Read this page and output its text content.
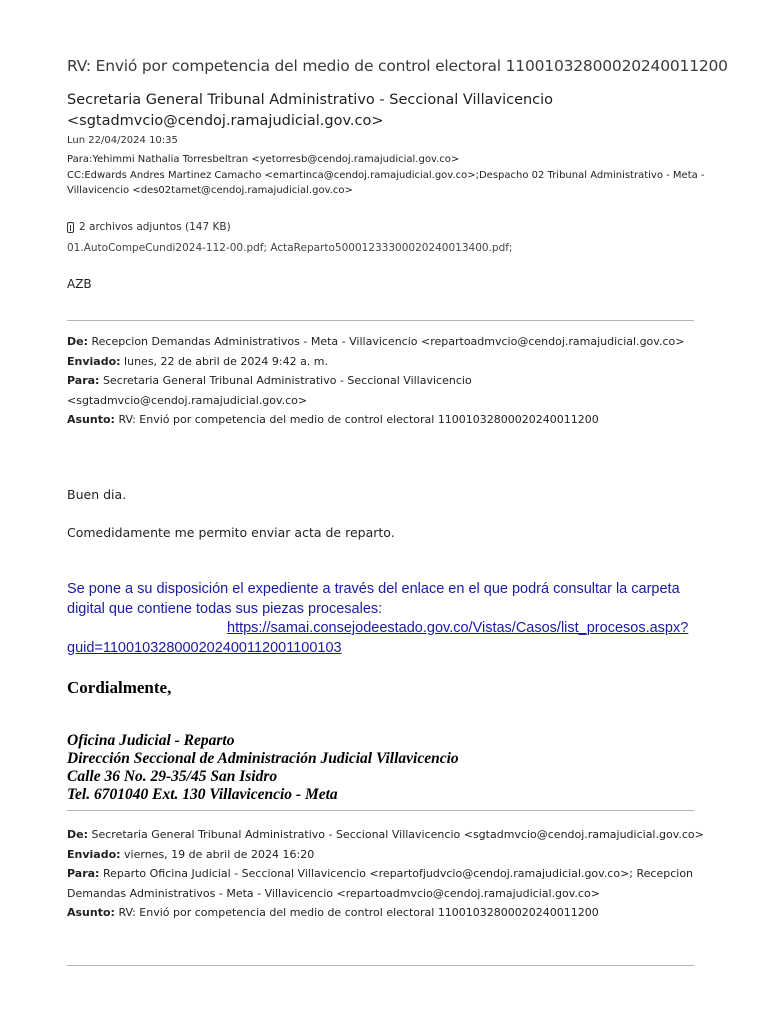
RV: Envió por competencia del medio de control electoral 11001032800020240011200
Secretaria General Tribunal Administrativo - Seccional Villavicencio
<sgtadmvcio@cendoj.ramajudicial.gov.co>
Lun 22/04/2024 10:35
Para:Yehimmi Nathalia Torresbeltran <yetorresb@cendoj.ramajudicial.gov.co>
CC:Edwards Andres Martinez Camacho <emartinca@cendoj.ramajudicial.gov.co>;Despacho 02 Tribunal Administrativo - Meta -
Villavicencio <des02tamet@cendoj.ramajudicial.gov.co>
2 archivos adjuntos (147 KB)
01.AutoCompeCundi2024-112-00.pdf; ActaReparto50001233300020240013400.pdf;
AZB
De: Recepcion Demandas Administrativos - Meta - Villavicencio <repartoadmvcio@cendoj.ramajudicial.gov.co>
Enviado: lunes, 22 de abril de 2024 9:42 a. m.
Para: Secretaria General Tribunal Administrativo - Seccional Villavicencio
<sgtadmvcio@cendoj.ramajudicial.gov.co>
Asunto: RV: Envió por competencia del medio de control electoral 11001032800020240011200
Buen dia.
Comedidamente me permito enviar acta de reparto.
Se pone a su disposición el expediente a través del enlace en el que podrá consultar la carpeta digital que contiene todas sus piezas procesales:
https://samai.consejodeestado.gov.co/Vistas/Casos/list_procesos.aspx?
guid=110010328000202400112001100103
Cordialmente,
Oficina Judicial - Reparto
Dirección Seccional de Administración Judicial Villavicencio
Calle 36 No. 29-35/45 San Isidro
Tel. 6701040 Ext. 130 Villavicencio - Meta
De: Secretaria General Tribunal Administrativo - Seccional Villavicencio <sgtadmvcio@cendoj.ramajudicial.gov.co>
Enviado: viernes, 19 de abril de 2024 16:20
Para: Reparto Oficina Judicial - Seccional Villavicencio <repartofjudvcio@cendoj.ramajudicial.gov.co>; Recepcion
Demandas Administrativos - Meta - Villavicencio <repartoadmvcio@cendoj.ramajudicial.gov.co>
Asunto: RV: Envió por competencia del medio de control electoral 11001032800020240011200
